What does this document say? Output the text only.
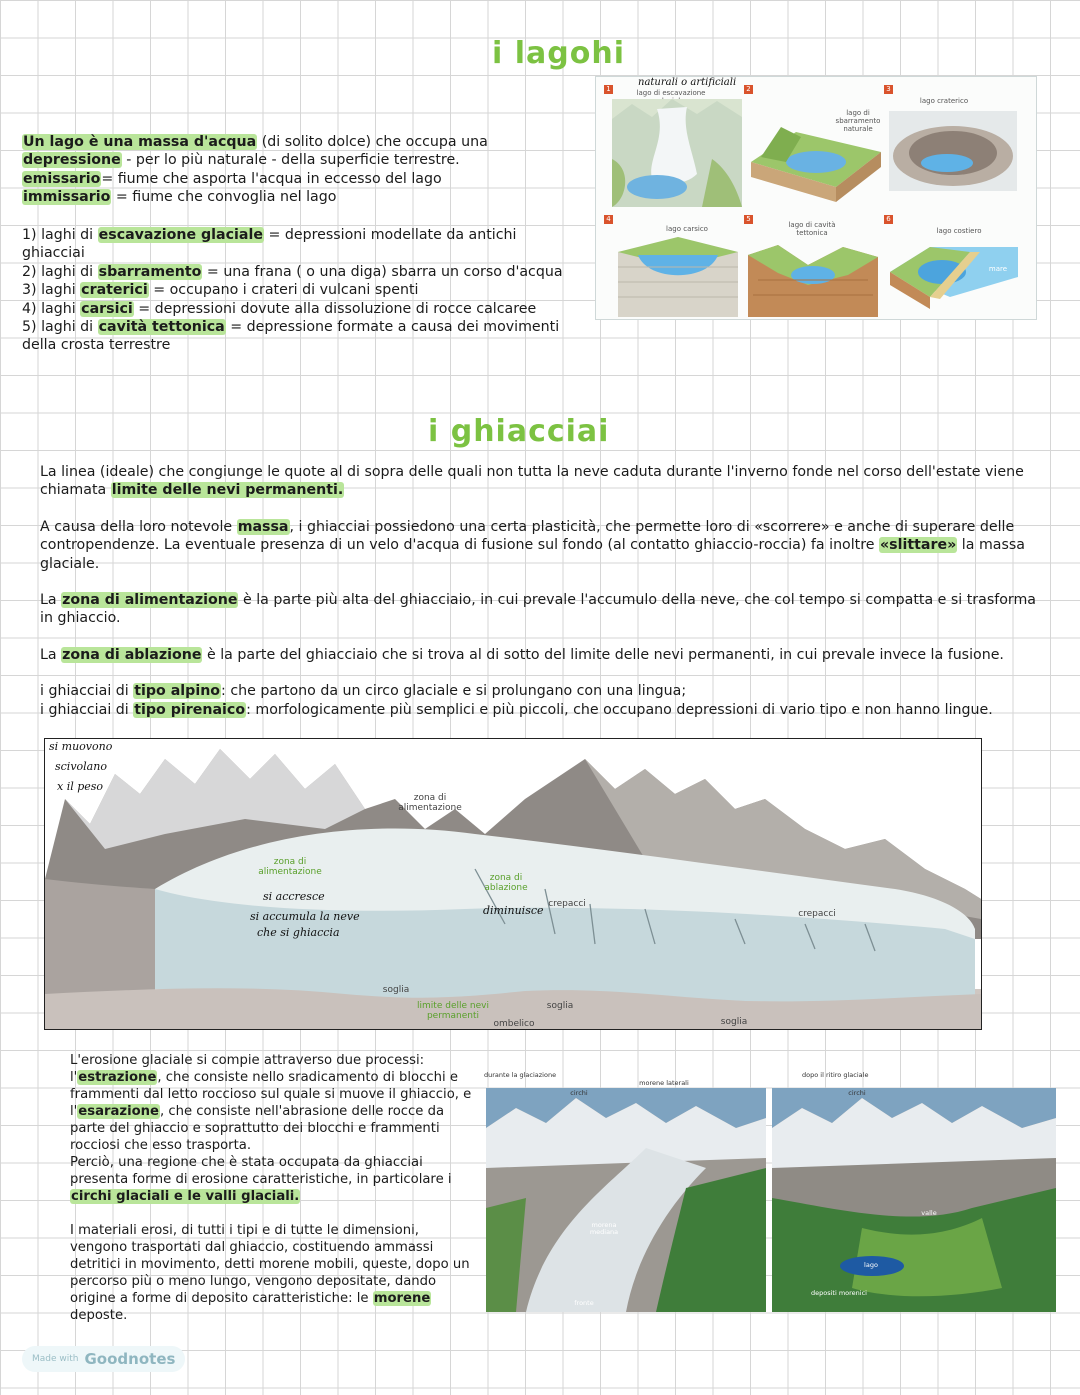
i lagohi
Un lago è una massa d'acqua (di solito dolce) che occupa una
depressione - per lo più naturale - della superficie terrestre.
emissario= fiume che asporta l'acqua in eccesso del lago
immissario = fiume che convoglia nel lago
1) laghi di escavazione glaciale = depressioni modellate da antichi ghiacciai
2) laghi di sbarramento = una frana ( o una diga) sbarra un corso d'acqua
3) laghi craterici = occupano i crateri di vulcani spenti
4) laghi carsici = depressioni dovute alla dissoluzione di rocce calcaree
5) laghi di cavità tettonica = depressione formate a causa dei movimenti della crosta terrestre
naturali o artificiali
1	lago di escavazione	2
lago di sbarramento naturale
3
lago craterico
4
lago carsico
5
lago di cavità tettonica
6
lago costiero
mare
i ghiacciai
La linea (ideale) che congiunge le quote al di sopra delle quali non tutta la neve caduta durante l'inverno fonde nel corso dell'estate viene chiamata limite delle nevi permanenti.
A causa della loro notevole massa, i ghiacciai possiedono una certa plasticità, che permette loro di «scorrere» e anche di superare delle contropendenze. La eventuale presenza di un velo d'acqua di fusione sul fondo (al contatto ghiaccio-roccia) fa inoltre «slittare» la massa glaciale.
La zona di alimentazione è la parte più alta del ghiacciaio, in cui prevale l'accumulo della neve, che col tempo si compatta e si trasforma in ghiaccio.
La zona di ablazione è la parte del ghiacciaio che si trova al di sotto del limite delle nevi permanenti, in cui prevale invece la fusione.
i ghiacciai di tipo alpino: che partono da un circo glaciale e si prolungano con una lingua;
i ghiacciai di tipo pirenaico: morfologicamente più semplici e più piccoli, che occupano depressioni di vario tipo e non hanno lingue.
si muovono
scivolano
x il peso
zona di alimentazione
zona di alimentazione
si accresce
si accumula la neve
che si ghiaccia
zona di ablazione
diminuisce crepacci
crepacci
soglia
limite delle nevi permanenti
soglia
ombelico	soglia
L'erosione glaciale si compie attraverso due processi:
l'estrazione, che consiste nello sradicamento di blocchi e frammenti dal letto roccioso sul quale si muove il ghiaccio, e l'esarazione, che consiste nell'abrasione delle rocce da parte del ghiaccio e soprattutto dei blocchi e frammenti rocciosi che esso trasporta.
Perciò, una regione che è stata occupata da ghiacciai presenta forme di erosione caratteristiche, in particolare i circhi glaciali e le valli glaciali.
I materiali erosi, di tutti i tipi e di tutte le dimensioni, vengono trasportati dal ghiaccio, costituendo ammassi detritici in movimento, detti morene mobili, queste, dopo un percorso più o meno lungo, vengono depositate, dando origine a forme di deposito caratteristiche: le morene deposte.
durante la glaciazione	dopo il ritiro glaciale
circhi
morene laterali
morena mediana
fronte
circhi
valle
lago
depositi morenici
Made with Goodnotes
